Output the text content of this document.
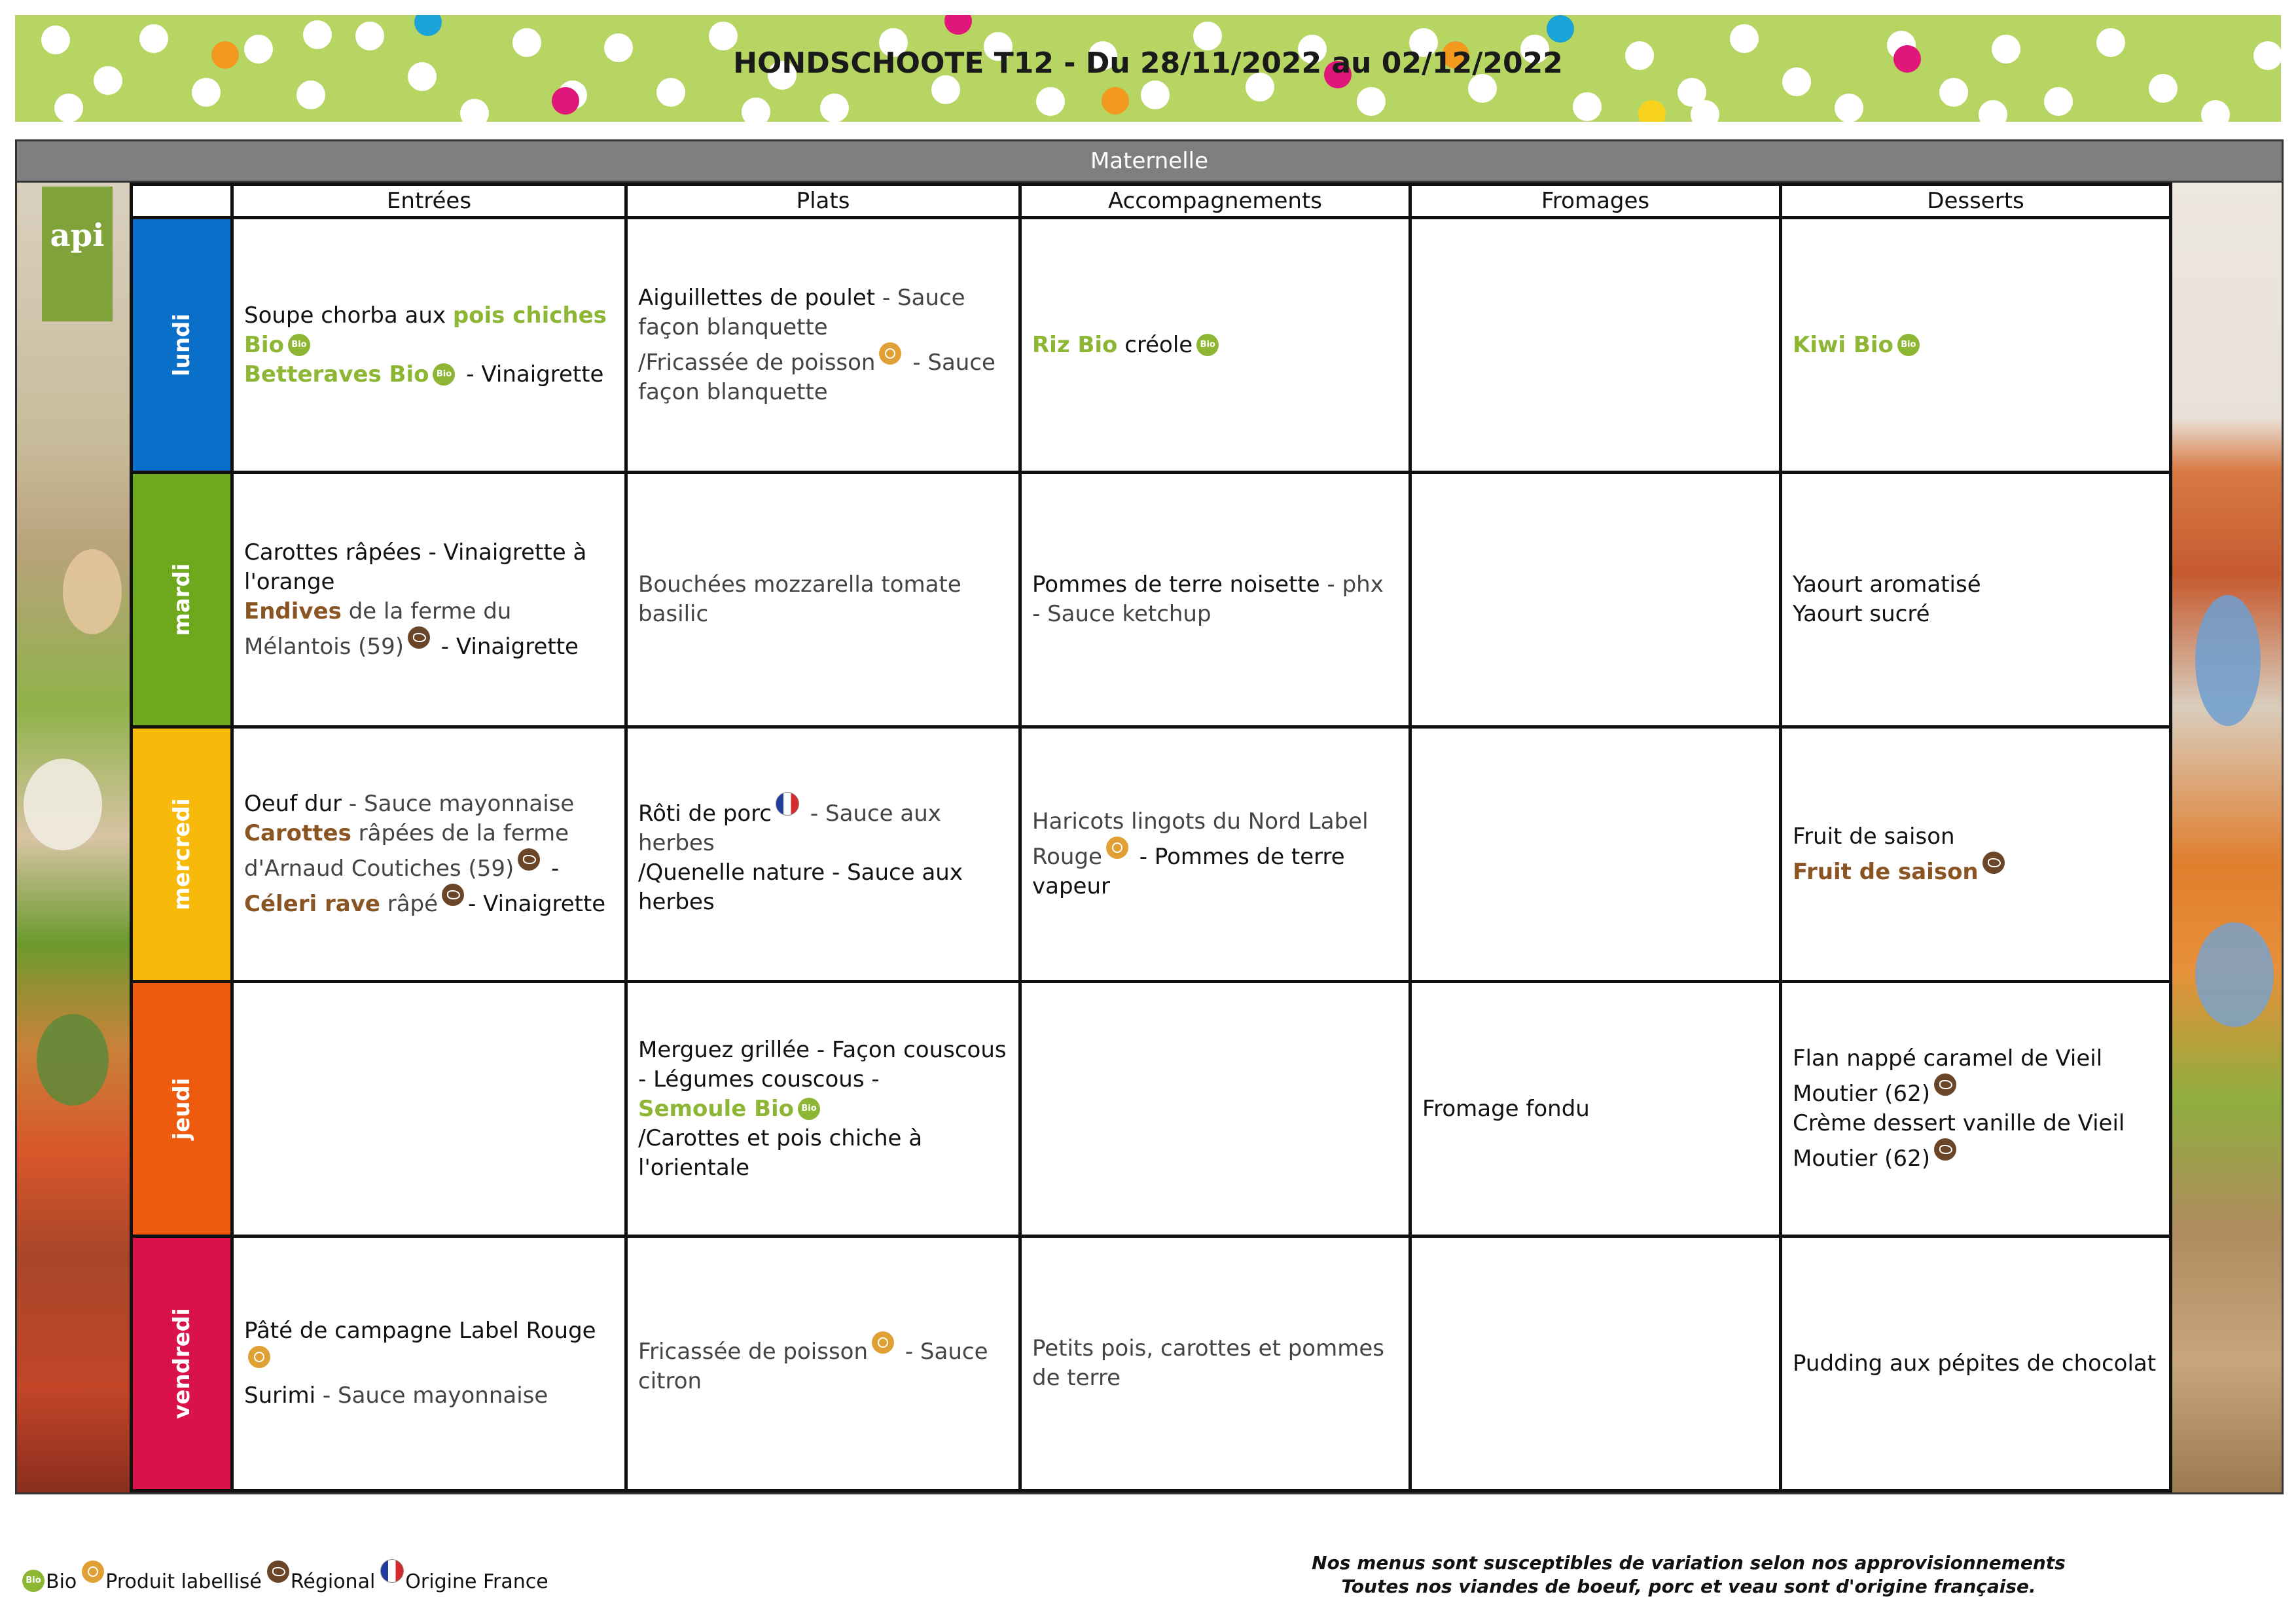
HONDSCHOOTE T12 - Du 28/11/2022 au 02/12/2022
Maternelle
api
	Entrées	Plats	Accompagnements	Fromages	Desserts

lundi	Soupe chorba aux pois chiches Bio Bio
Betteraves Bio Bio - Vinaigrette	Aiguillettes de poulet - Sauce façon blanquette
/Fricassée de poisson - Sauce façon blanquette	Riz Bio créole Bio		Kiwi Bio Bio

mardi	Carottes râpées - Vinaigrette à l'orange
Endives de la ferme du Mélantois (59) - Vinaigrette	Bouchées mozzarella tomate basilic	Pommes de terre noisette - phx - Sauce ketchup		Yaourt aromatisé
Yaourt sucré

mercredi	Oeuf dur - Sauce mayonnaise
Carottes râpées de la ferme d'Arnaud Coutiches (59) -
Céleri rave râpé - Vinaigrette	Rôti de porc - Sauce aux herbes
/Quenelle nature - Sauce aux herbes	Haricots lingots du Nord Label Rouge - Pommes de terre vapeur		Fruit de saison
Fruit de saison

jeudi		Merguez grillée - Façon couscous - Légumes couscous -
Semoule Bio Bio
/Carottes et pois chiche à l'orientale		Fromage fondu	Flan nappé caramel de Vieil Moutier (62)
Crème dessert vanille de Vieil Moutier (62)

vendredi	Pâté de campagne Label Rouge
Surimi - Sauce mayonnaise	Fricassée de poisson - Sauce citron	Petits pois, carottes et pommes de terre		Pudding aux pépites de chocolat
Bio Bio Produit labellisé Régional Origine France
Nos menus sont susceptibles de variation selon nos approvisionnements
Toutes nos viandes de boeuf, porc et veau sont d'origine française.
